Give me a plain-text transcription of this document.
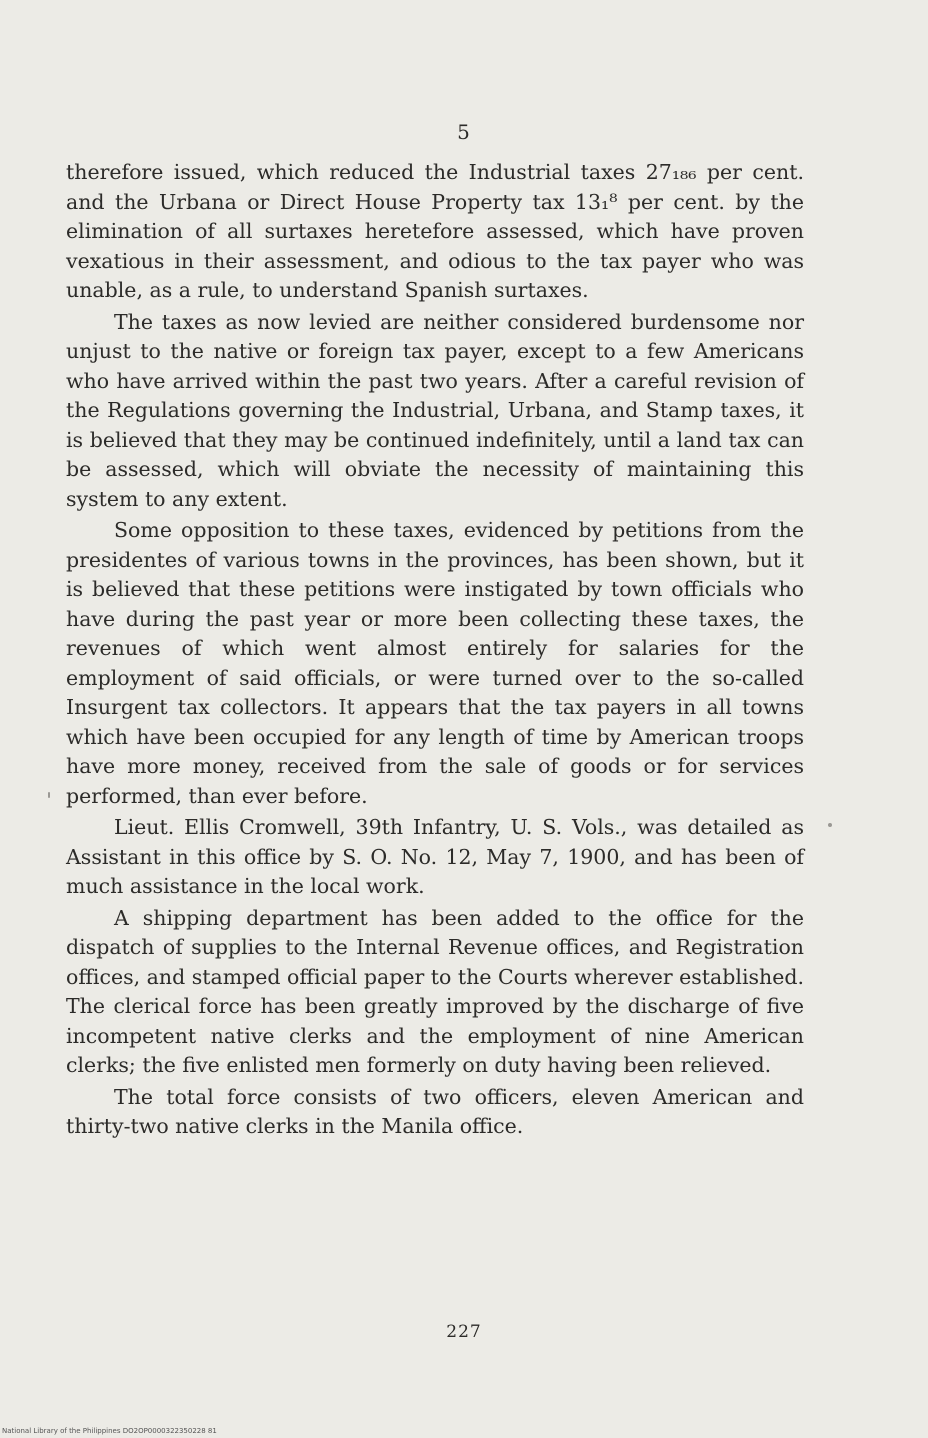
5

therefore issued, which reduced the Industrial taxes 27₁₈₆ per cent. and the Urbana or Direct House Property tax 13₁⁸ per cent. by the elimination of all surtaxes heretefore assessed, which have proven vexatious in their assessment, and odious to the tax payer who was unable, as a rule, to understand Spanish surtaxes.

The taxes as now levied are neither considered burdensome nor unjust to the native or foreign tax payer, except to a few Americans who have arrived within the past two years. After a careful revision of the Regulations governing the Industrial, Urbana, and Stamp taxes, it is believed that they may be continued indefinitely, until a land tax can be assessed, which will obviate the necessity of maintaining this system to any extent.

Some opposition to these taxes, evidenced by petitions from the presidentes of various towns in the provinces, has been shown, but it is believed that these petitions were instigated by town officials who have during the past year or more been collecting these taxes, the revenues of which went almost entirely for salaries for the employment of said officials, or were turned over to the so-called Insurgent tax collectors. It appears that the tax payers in all towns which have been occupied for any length of time by American troops have more money, received from the sale of goods or for services performed, than ever before.

Lieut. Ellis Cromwell, 39th Infantry, U. S. Vols., was detailed as Assistant in this office by S. O. No. 12, May 7, 1900, and has been of much assistance in the local work.

A shipping department has been added to the office for the dispatch of supplies to the Internal Revenue offices, and Registration offices, and stamped official paper to the Courts wherever established. The clerical force has been greatly improved by the discharge of five incompetent native clerks and the employment of nine American clerks; the five enlisted men formerly on duty having been relieved.

The total force consists of two officers, eleven American and thirty-two native clerks in the Manila office.

227
National Library of the Philippines DO2OP0000322350228 81
